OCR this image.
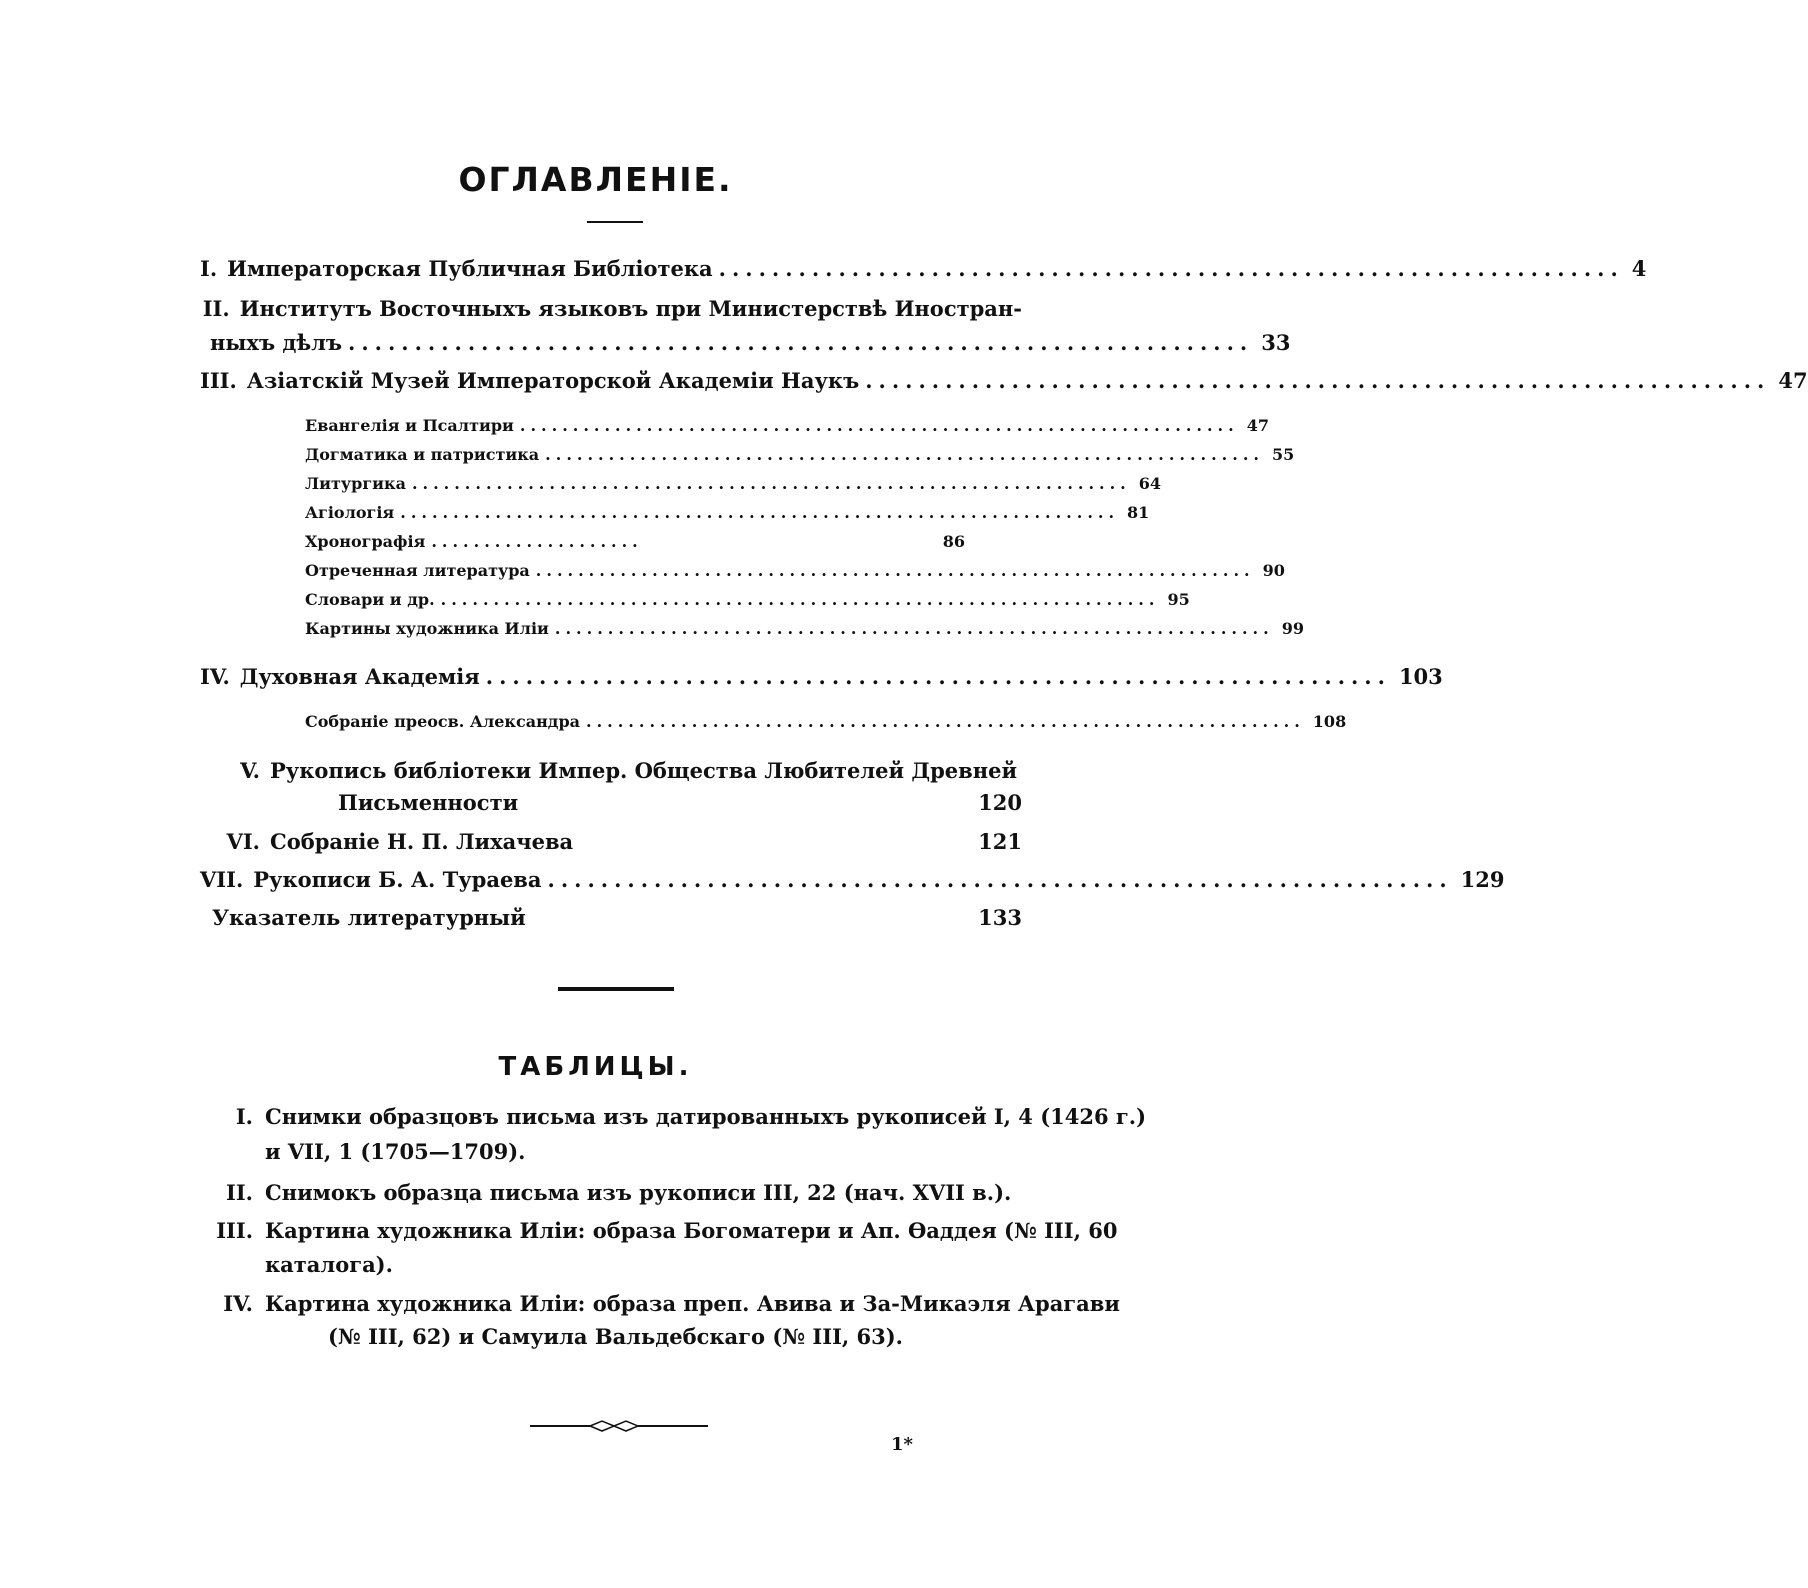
ОГЛАВЛЕНІЕ.
I. Императорская Публичная Библіотека .................................................................... 4
II. Институтъ Восточныхъ языковъ при Министерствѣ Иностран-
ныхъ дѣлъ .................................................................... 33
III. Азіатскій Музей Императорской Академіи Наукъ .................................................................... 47
Евангелія и Псалтири .................................................................... 47
Догматика и патристика .................................................................... 55
Литургика .................................................................... 64
Агіологія .................................................................... 81
Хронографія ....................	86
Отреченная литература .................................................................... 90
Словари и др. .................................................................... 95
Картины художника Иліи .................................................................... 99
IV. Духовная Академія .................................................................... 103
Собраніе преосв. Александра .................................................................... 108
V. Рукопись библіотеки Импер. Общества Любителей Древней
Письменности	120
VI. Собраніе Н. П. Лихачева	121
VII. Рукописи Б. А. Тураева .................................................................... 129
Указатель литературный	133
ТАБЛИЦЫ.
I. Снимки образцовъ письма изъ датированныхъ рукописей I, 4 (1426 г.)
и VII, 1 (1705—1709).
II. Снимокъ образца письма изъ рукописи III, 22 (нач. XVII в.).
III. Картина художника Иліи: образа Богоматери и Ап. Ѳаддея (№ III, 60
каталога).
IV. Картина художника Иліи: образа преп. Авива и За-Микаэля Арагави
(№ III, 62) и Самуила Вальдебскаго (№ III, 63).
1*
